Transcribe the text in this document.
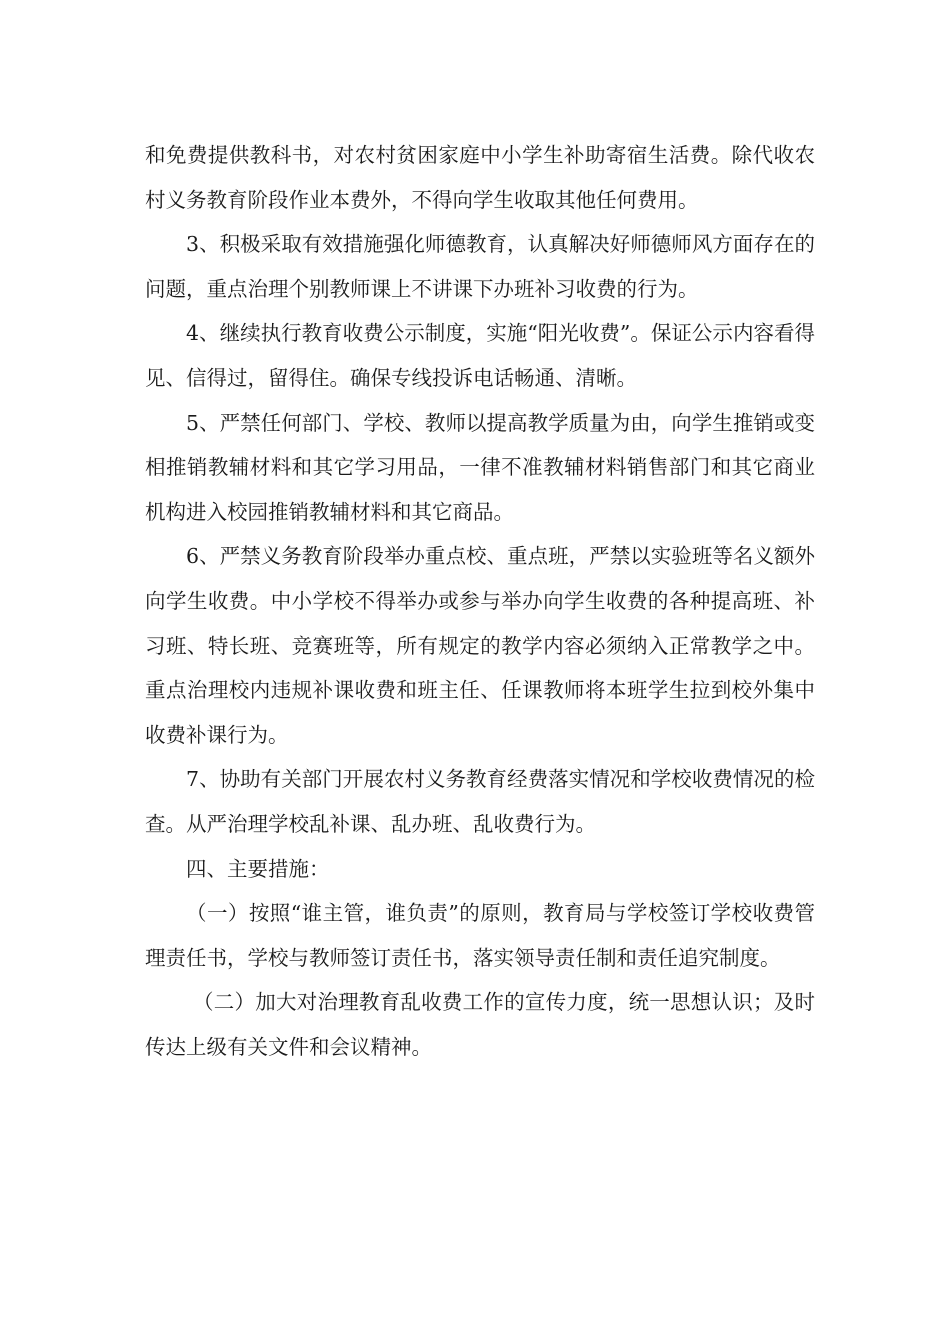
和免费提供教科书，对农村贫困家庭中小学生补助寄宿生活费。除代收农村义务教育阶段作业本费外，不得向学生收取其他任何费用。

3、积极采取有效措施强化师德教育，认真解决好师德师风方面存在的问题，重点治理个别教师课上不讲课下办班补习收费的行为。

4、继续执行教育收费公示制度，实施“阳光收费”。保证公示内容看得见、信得过，留得住。确保专线投诉电话畅通、清晰。

5、严禁任何部门、学校、教师以提高教学质量为由，向学生推销或变相推销教辅材料和其它学习用品，一律不准教辅材料销售部门和其它商业机构进入校园推销教辅材料和其它商品。

6、严禁义务教育阶段举办重点校、重点班，严禁以实验班等名义额外向学生收费。中小学校不得举办或参与举办向学生收费的各种提高班、补习班、特长班、竞赛班等，所有规定的教学内容必须纳入正常教学之中。重点治理校内违规补课收费和班主任、任课教师将本班学生拉到校外集中收费补课行为。

7、协助有关部门开展农村义务教育经费落实情况和学校收费情况的检查。从严治理学校乱补课、乱办班、乱收费行为。

四、主要措施：

（一）按照“谁主管，谁负责”的原则，教育局与学校签订学校收费管理责任书，学校与教师签订责任书，落实领导责任制和责任追究制度。

（二）加大对治理教育乱收费工作的宣传力度，统一思想认识；及时传达上级有关文件和会议精神。
